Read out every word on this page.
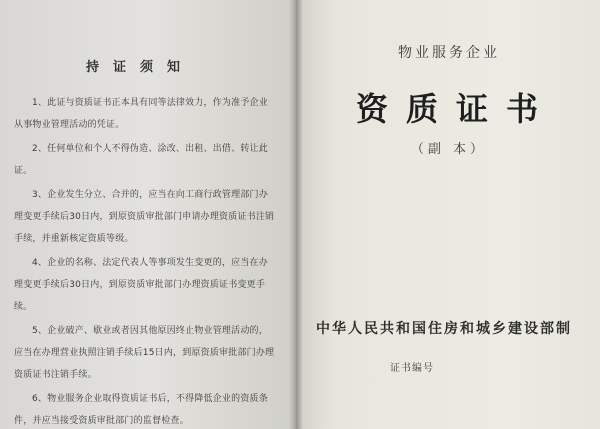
持证须知

1、此证与资质证书正本具有同等法律效力，作为准予企业从事物业管理活动的凭证。

2、任何单位和个人不得伪造、涂改、出租、出借、转让此证。

3、企业发生分立、合并的，应当在向工商行政管理部门办理变更手续后30日内，到原资质审批部门申请办理资质证书注销手续，并重新核定资质等级。

4、企业的名称、法定代表人等事项发生变更的，应当在办理变更手续后30日内，到原资质审批部门办理资质证书变更手续。

5、企业破产、歇业或者因其他原因终止物业管理活动的，应当在办理营业执照注销手续后15日内，到原资质审批部门办理资质证书注销手续。

6、物业服务企业取得资质证书后，不得降低企业的资质条件，并应当接受资质审批部门的监督检查。

物业服务企业
资质证书
（副 本）
中华人民共和国住房和城乡建设部制
证书编号
